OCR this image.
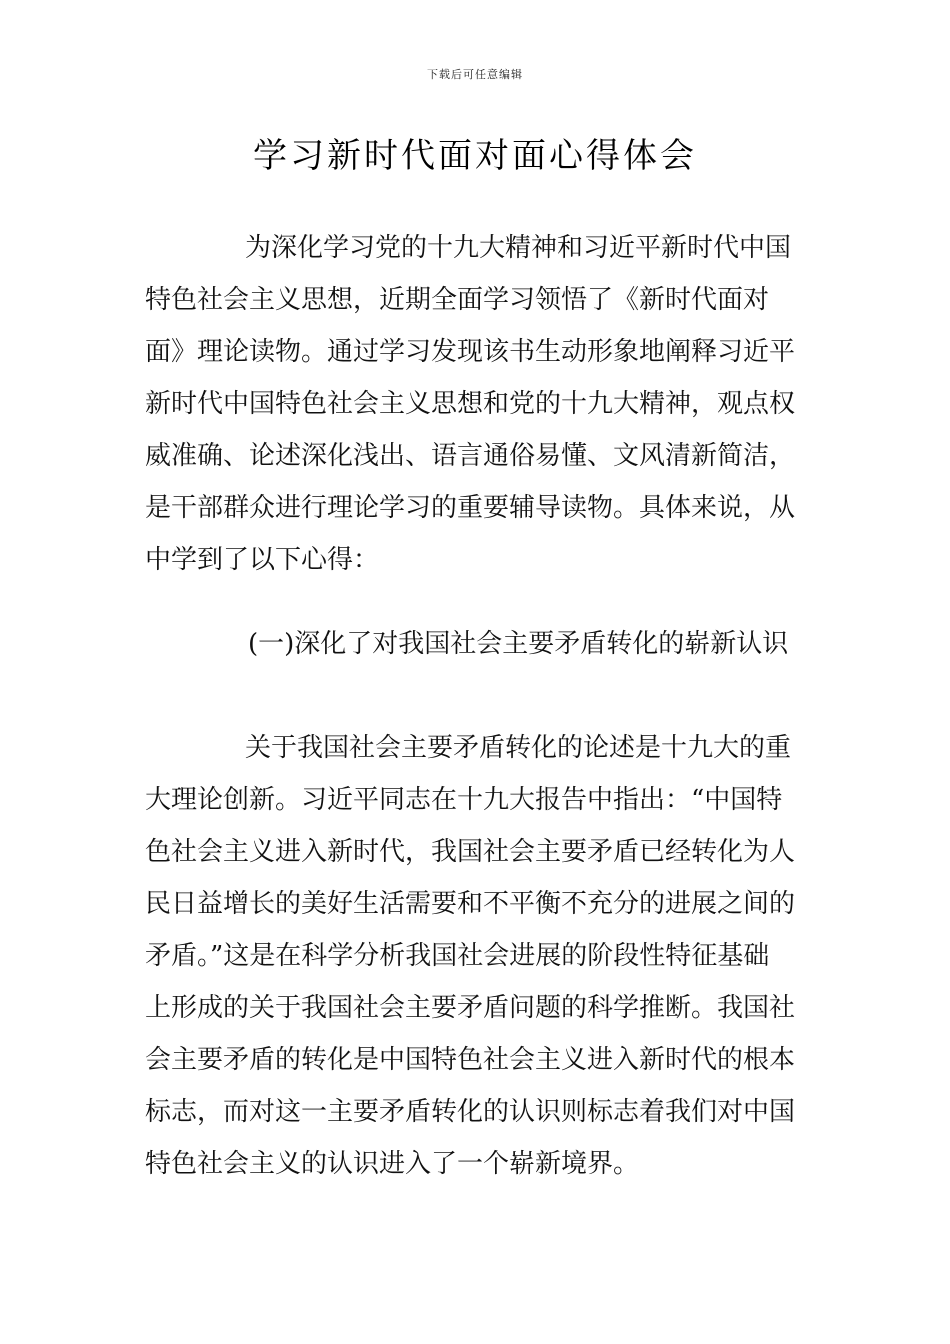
下载后可任意编辑
学习新时代面对面心得体会
为深化学习党的十九大精神和习近平新时代中国
特色社会主义思想，近期全面学习领悟了《新时代面对
面》理论读物。通过学习发现该书生动形象地阐释习近平
新时代中国特色社会主义思想和党的十九大精神，观点权
威准确、论述深化浅出、语言通俗易懂、文风清新简洁，
是干部群众进行理论学习的重要辅导读物。具体来说，从
中学到了以下心得：
(一)深化了对我国社会主要矛盾转化的崭新认识
关于我国社会主要矛盾转化的论述是十九大的重
大理论创新。习近平同志在十九大报告中指出：“中国特
色社会主义进入新时代，我国社会主要矛盾已经转化为人
民日益增长的美好生活需要和不平衡不充分的进展之间的
矛盾。”这是在科学分析我国社会进展的阶段性特征基础
上形成的关于我国社会主要矛盾问题的科学推断。我国社
会主要矛盾的转化是中国特色社会主义进入新时代的根本
标志，而对这一主要矛盾转化的认识则标志着我们对中国
特色社会主义的认识进入了一个崭新境界。
